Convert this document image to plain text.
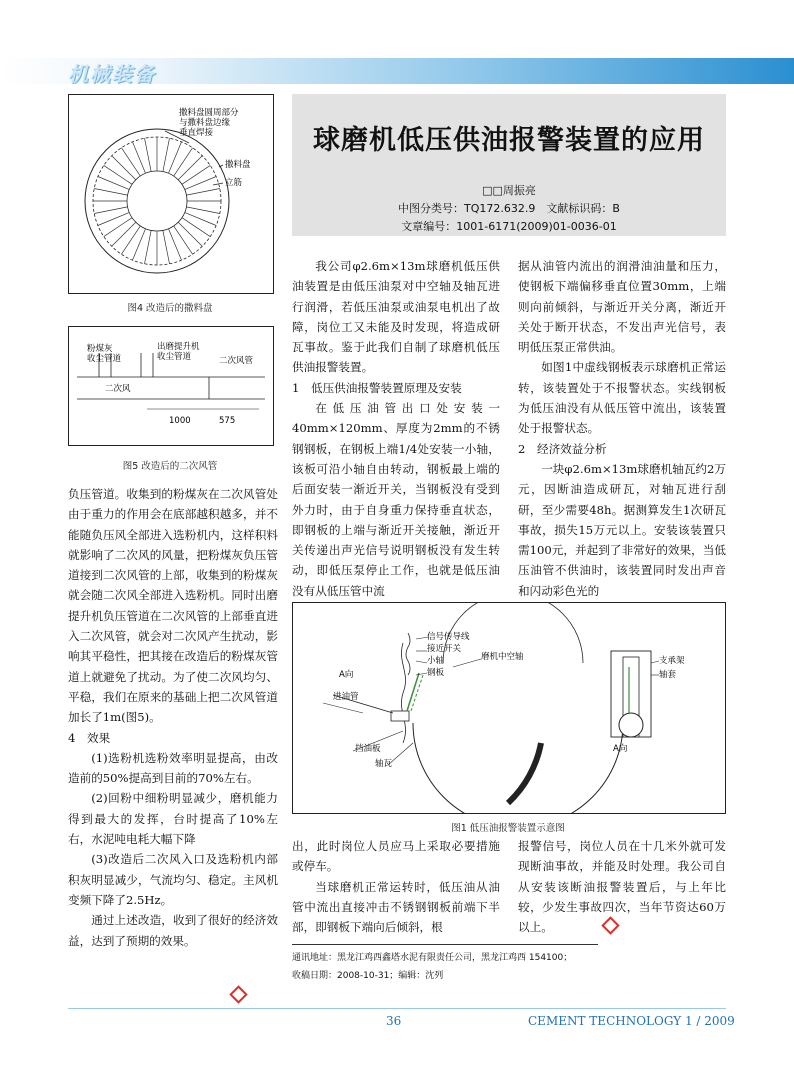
机械装备
撒料盘圆周部分
与撒料盘边缘
垂直焊接
撒料盘
立筋
图4 改造后的撒料盘
粉煤灰
收尘管道
出磨提升机
收尘管道	二次风管
二次风
1000	575
图5 改造后的二次风管

负压管道。收集到的粉煤灰在二次风管处由于重力的作用会在底部越积越多，并不能随负压风全部进入选粉机内，这样积料就影响了二次风的风量，把粉煤灰负压管道接到二次风管的上部，收集到的粉煤灰就会随二次风全部进入选粉机。同时出磨提升机负压管道在二次风管的上部垂直进入二次风管，就会对二次风产生扰动，影响其平稳性，把其接在改造后的粉煤灰管道上就避免了扰动。为了使二次风均匀、平稳，我们在原来的基础上把二次风管道加长了1m(图5)。

4　效果

(1)选粉机选粉效率明显提高，由改造前的50%提高到目前的70%左右。

(2)回粉中细粉明显减少，磨机能力得到最大的发挥，台时提高了10%左右，水泥吨电耗大幅下降

(3)改造后二次风入口及选粉机内部积灰明显减少，气流均匀、稳定。主风机变频下降了2.5Hz。

通过上述改造，收到了很好的经济效益，达到了预期的效果。

球磨机低压供油报警装置的应用
□□周振亮
中图分类号：TQ172.632.9　文献标识码：B
文章编号：1001-6171(2009)01-0036-01

我公司φ2.6m×13m球磨机低压供油装置是由低压油泵对中空轴及轴瓦进行润滑，若低压油泵或油泵电机出了故障，岗位工又未能及时发现，将造成研瓦事故。鉴于此我们自制了球磨机低压供油报警装置。

1　低压供油报警装置原理及安装

在低压油管出口处安装一40mm×120mm、厚度为2mm的不锈钢钢板，在钢板上端1/4处安装一小轴，该板可沿小轴自由转动，钢板最上端的后面安装一渐近开关，当钢板没有受到外力时，由于自身重力保持垂直状态，即钢板的上端与渐近开关接触，渐近开关传递出声光信号说明钢板没有发生转动，即低压泵停止工作，也就是低压油没有从低压管中流

据从油管内流出的润滑油油量和压力，使钢板下端偏移垂直位置30mm，上端则向前倾斜，与渐近开关分离，渐近开关处于断开状态，不发出声光信号，表明低压泵正常供油。

如图1中虚线钢板表示球磨机正常运转，该装置处于不报警状态。实线钢板为低压油没有从低压管中流出，该装置处于报警状态。

2　经济效益分析

一块φ2.6m×13m球磨机轴瓦约2万元，因断油造成研瓦，对轴瓦进行刮研，至少需要48h。据测算发生1次研瓦事故，损失15万元以上。安装该装置只需100元，并起到了非常好的效果，当低压油管不供油时，该装置同时发出声音和闪动彩色光的

信号传导线
接近开关
小轴
钢板
磨机中空轴
A向
进油管
挡油板
轴瓦
支承架
轴套
A向
图1 低压油报警装置示意图

出，此时岗位人员应马上采取必要措施或停车。

当球磨机正常运转时，低压油从油管中流出直接冲击不锈钢钢板前端下半部，即钢板下端向后倾斜，根

报警信号，岗位人员在十几米外就可发现断油事故，并能及时处理。我公司自从安装该断油报警装置后，与上年比较，少发生事故四次，当年节资达60万以上。

通讯地址：黑龙江鸡西鑫塔水泥有限责任公司，黑龙江鸡西 154100；
收稿日期：2008-10-31；编辑：沈列
36	CEMENT TECHNOLOGY 1 / 2009
